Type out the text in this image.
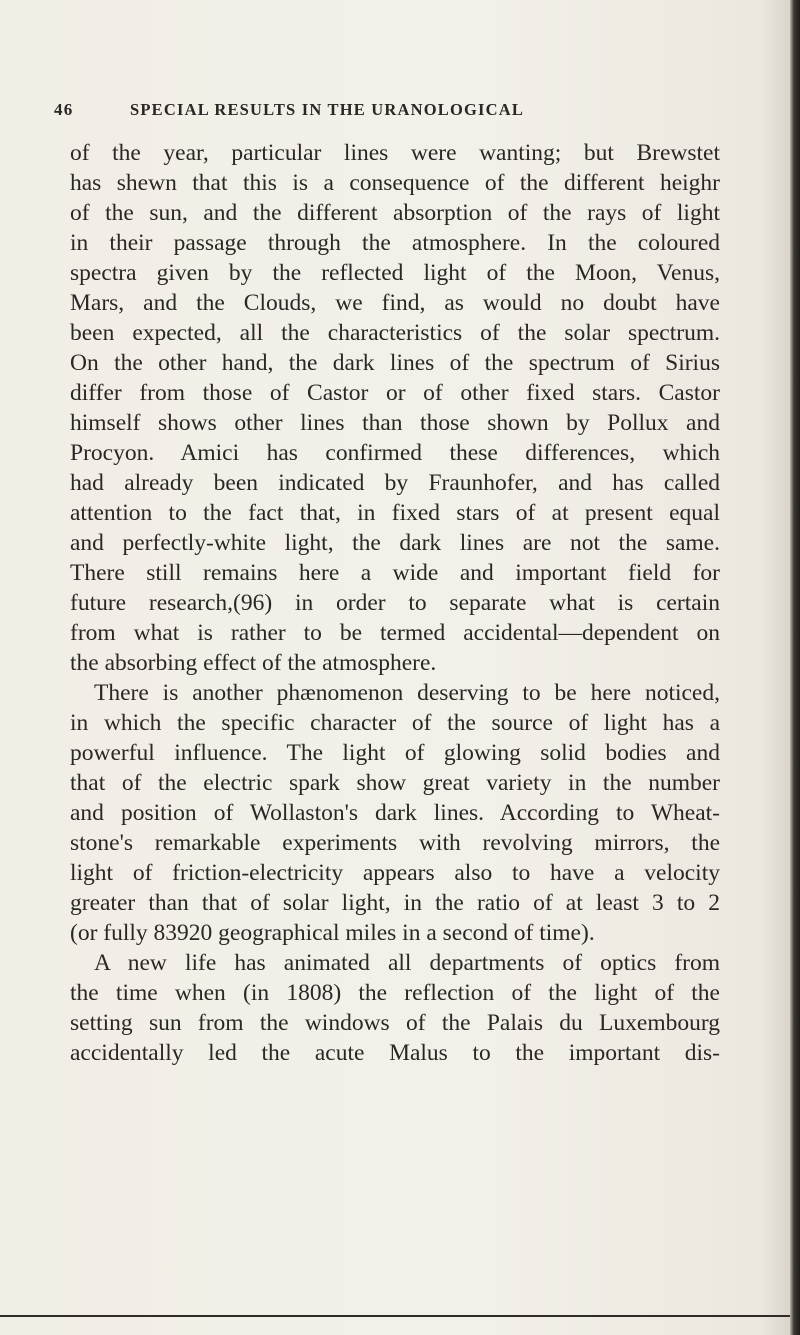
46	SPECIAL RESULTS IN THE URANOLOGICAL
of the year, particular lines were wanting; but Brewstet
has shewn that this is a consequence of the different heighr
of the sun, and the different absorption of the rays of light
in their passage through the atmosphere. In the coloured
spectra given by the reflected light of the Moon, Venus,
Mars, and the Clouds, we find, as would no doubt have
been expected, all the characteristics of the solar spectrum.
On the other hand, the dark lines of the spectrum of Sirius
differ from those of Castor or of other fixed stars. Castor
himself shows other lines than those shown by Pollux and
Procyon. Amici has confirmed these differences, which
had already been indicated by Fraunhofer, and has called
attention to the fact that, in fixed stars of at present equal
and perfectly-white light, the dark lines are not the same.
There still remains here a wide and important field for
future research,(96) in order to separate what is certain
from what is rather to be termed accidental—dependent on
the absorbing effect of the atmosphere.
There is another phænomenon deserving to be here noticed,
in which the specific character of the source of light has a
powerful influence. The light of glowing solid bodies and
that of the electric spark show great variety in the number
and position of Wollaston's dark lines. According to Wheat-
stone's remarkable experiments with revolving mirrors, the
light of friction-electricity appears also to have a velocity
greater than that of solar light, in the ratio of at least 3 to 2
(or fully 83920 geographical miles in a second of time).
A new life has animated all departments of optics from
the time when (in 1808) the reflection of the light of the
setting sun from the windows of the Palais du Luxembourg
accidentally led the acute Malus to the important dis-
